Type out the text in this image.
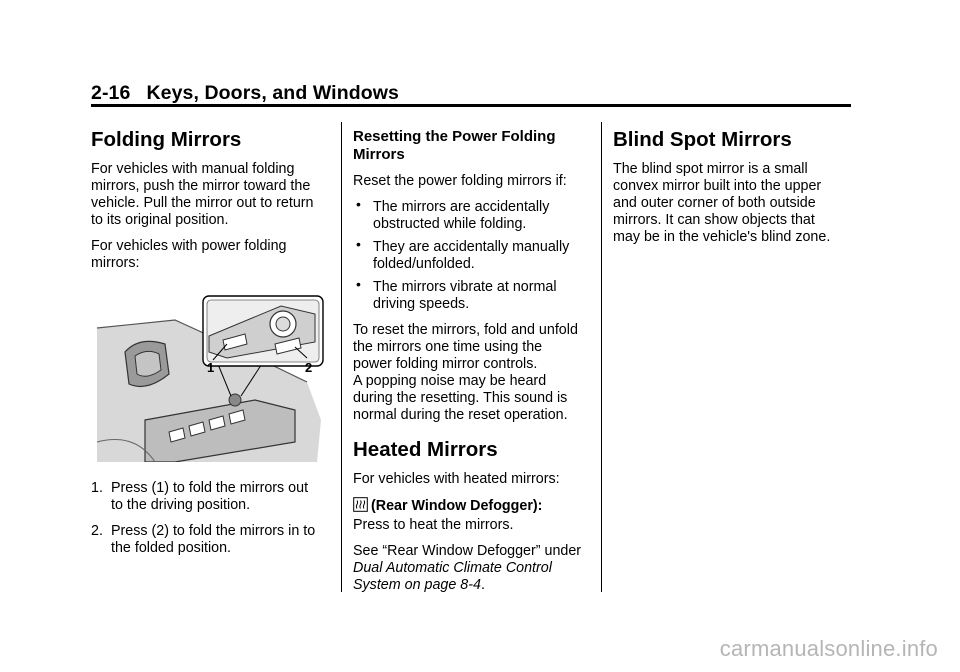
2-16 Keys, Doors, and Windows
Folding Mirrors

For vehicles with manual folding mirrors, push the mirror toward the vehicle. Pull the mirror out to return to its original position.

For vehicles with power folding mirrors:

1	2
1. Press (1) to fold the mirrors out to the driving position.
2. Press (2) to fold the mirrors in to the folded position.
Resetting the Power Folding Mirrors

Reset the power folding mirrors if:

• The mirrors are accidentally obstructed while folding.
• They are accidentally manually folded/unfolded.
• The mirrors vibrate at normal driving speeds.

To reset the mirrors, fold and unfold the mirrors one time using the power folding mirror controls.

A popping noise may be heard during the resetting. This sound is normal during the reset operation.

Heated Mirrors

For vehicles with heated mirrors:

(Rear Window Defogger):
Press to heat the mirrors.

See “Rear Window Defogger” under Dual Automatic Climate Control System on page 8-4.

Blind Spot Mirrors

The blind spot mirror is a small convex mirror built into the upper and outer corner of both outside mirrors. It can show objects that may be in the vehicle's blind zone.

carmanualsonline.info
